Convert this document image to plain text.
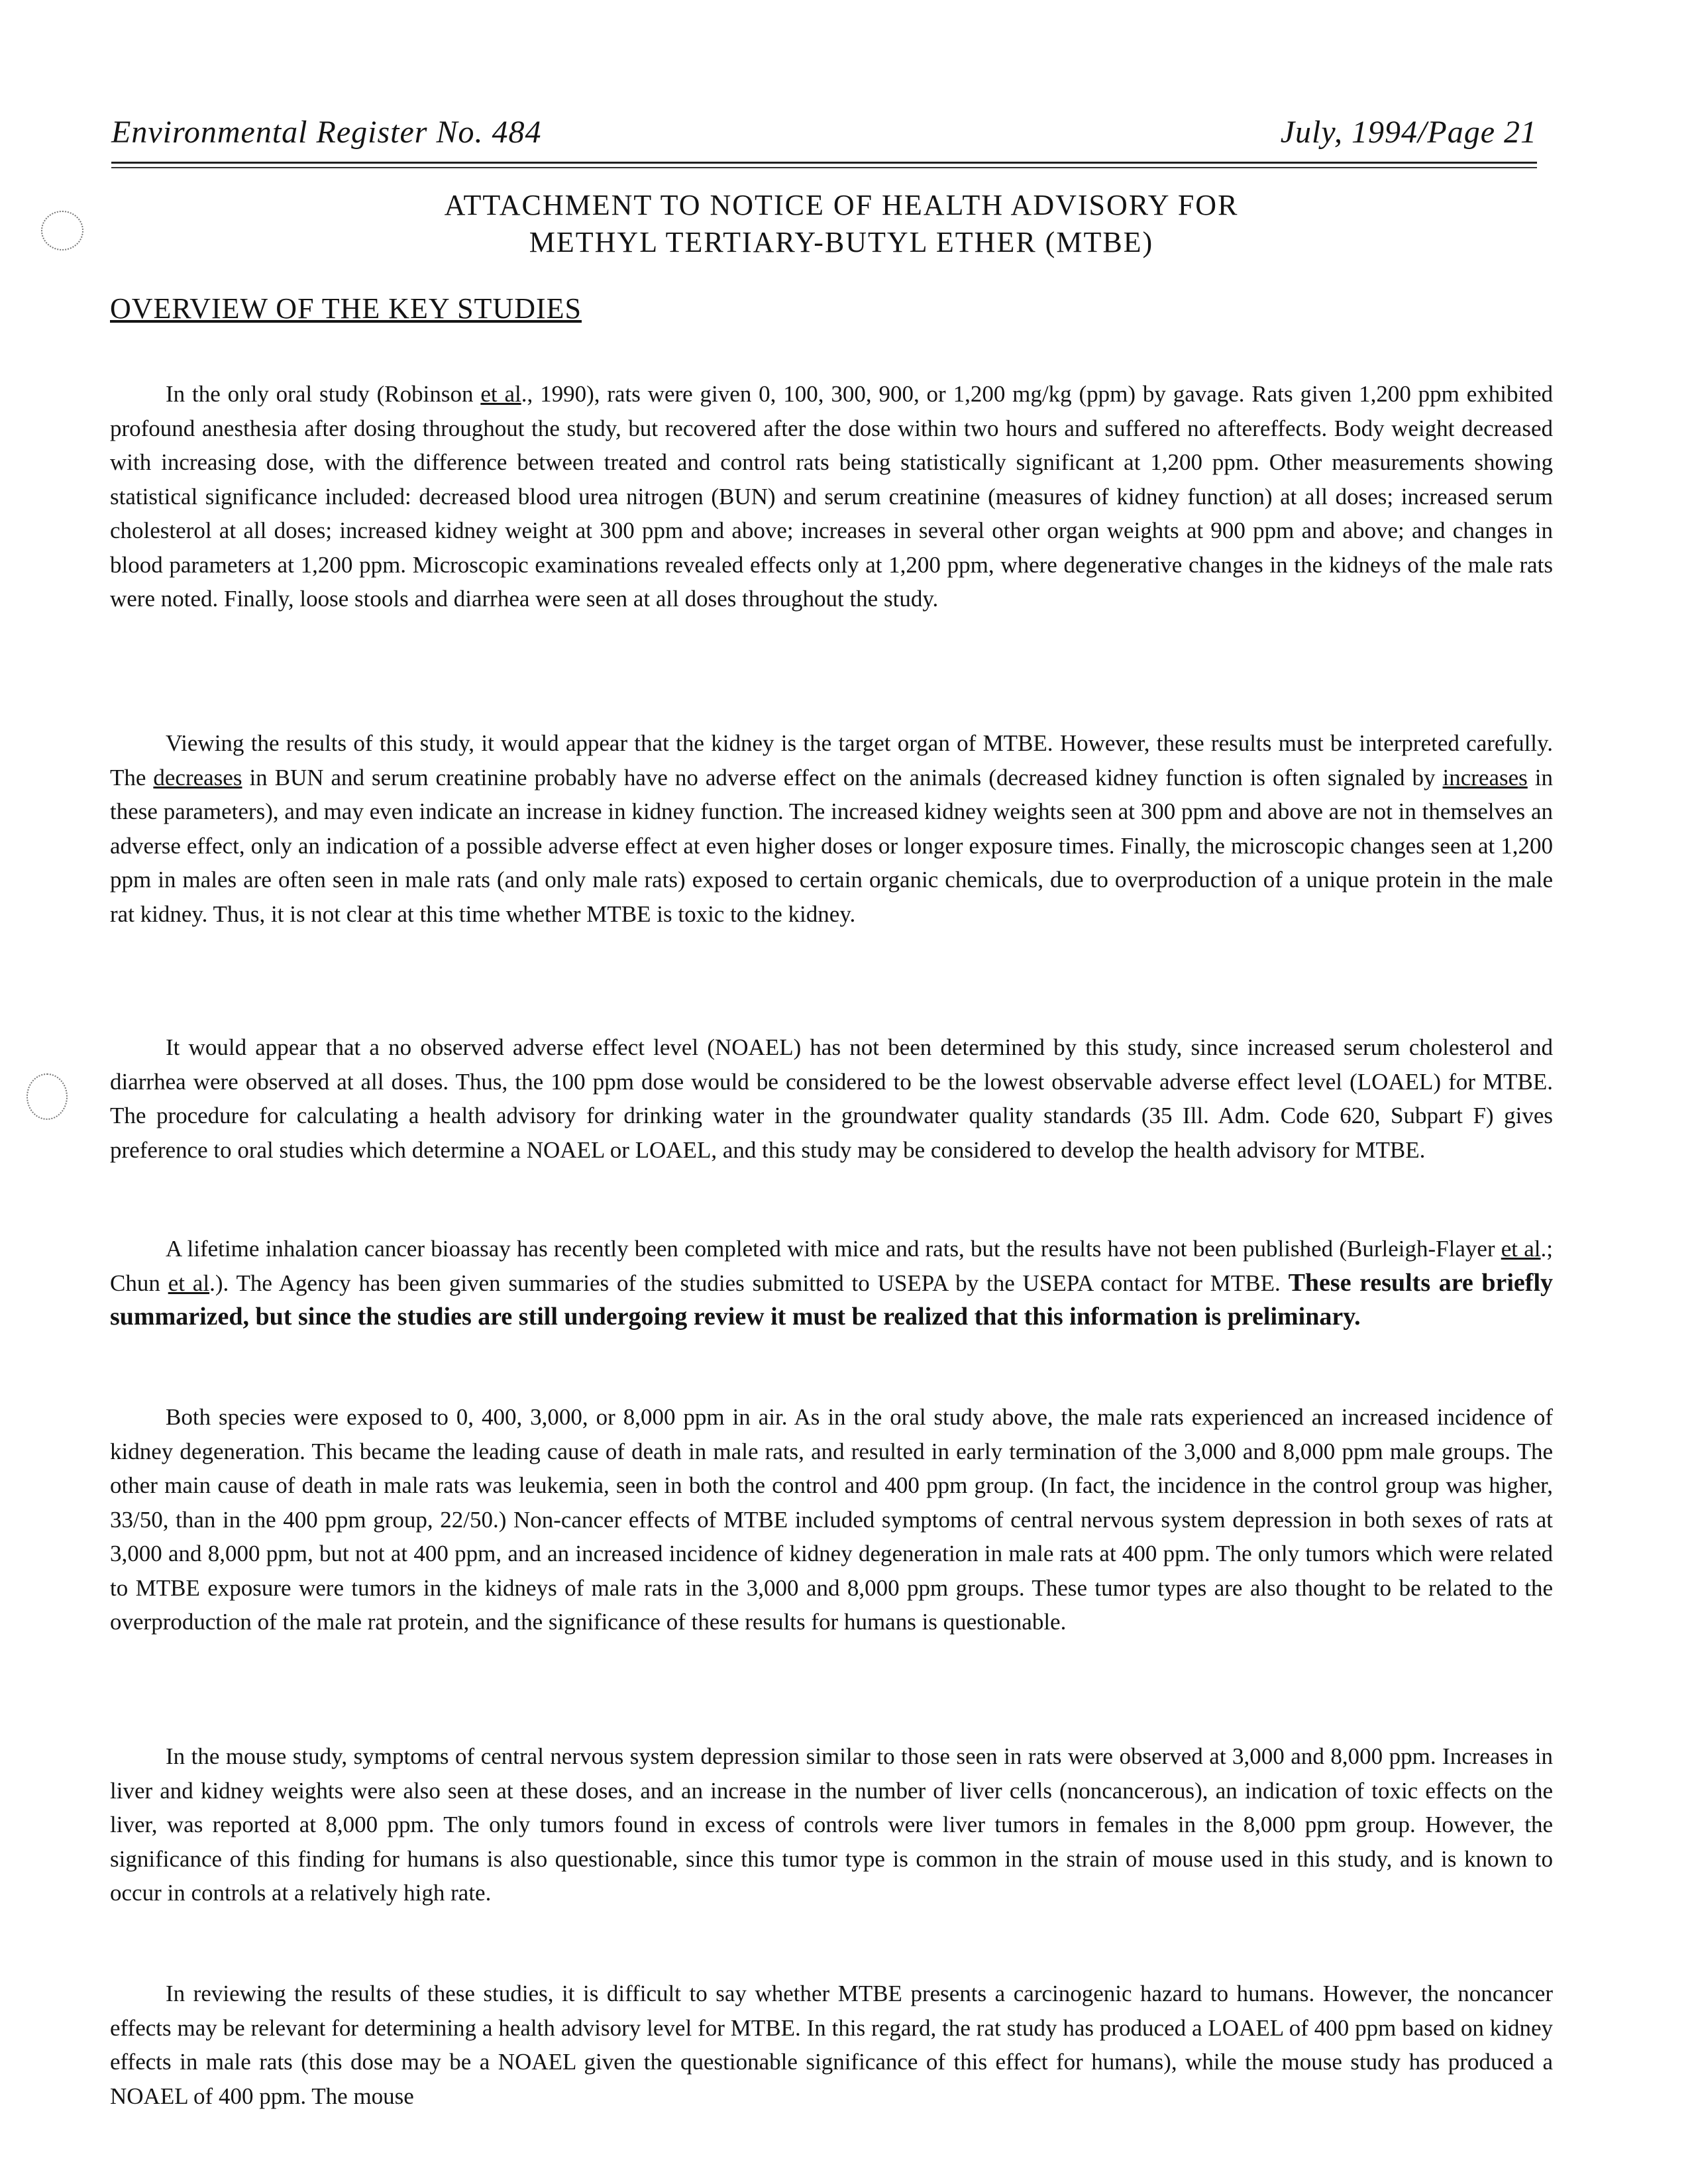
Environmental Register No. 484	July, 1994/Page 21
ATTACHMENT TO NOTICE OF HEALTH ADVISORY FOR
METHYL TERTIARY-BUTYL ETHER (MTBE)
OVERVIEW OF THE KEY STUDIES

In the only oral study (Robinson et al., 1990), rats were given 0, 100, 300, 900, or 1,200 mg/kg (ppm) by gavage. Rats given 1,200 ppm exhibited profound anesthesia after dosing throughout the study, but recovered after the dose within two hours and suffered no aftereffects. Body weight decreased with increasing dose, with the difference between treated and control rats being statistically significant at 1,200 ppm. Other measurements showing statistical significance included: decreased blood urea nitrogen (BUN) and serum creatinine (measures of kidney function) at all doses; increased serum cholesterol at all doses; increased kidney weight at 300 ppm and above; increases in several other organ weights at 900 ppm and above; and changes in blood parameters at 1,200 ppm. Microscopic examinations revealed effects only at 1,200 ppm, where degenerative changes in the kidneys of the male rats were noted. Finally, loose stools and diarrhea were seen at all doses throughout the study.

Viewing the results of this study, it would appear that the kidney is the target organ of MTBE. However, these results must be interpreted carefully. The decreases in BUN and serum creatinine probably have no adverse effect on the animals (decreased kidney function is often signaled by increases in these parameters), and may even indicate an increase in kidney function. The increased kidney weights seen at 300 ppm and above are not in themselves an adverse effect, only an indication of a possible adverse effect at even higher doses or longer exposure times. Finally, the microscopic changes seen at 1,200 ppm in males are often seen in male rats (and only male rats) exposed to certain organic chemicals, due to overproduction of a unique protein in the male rat kidney. Thus, it is not clear at this time whether MTBE is toxic to the kidney.

It would appear that a no observed adverse effect level (NOAEL) has not been determined by this study, since increased serum cholesterol and diarrhea were observed at all doses. Thus, the 100 ppm dose would be considered to be the lowest observable adverse effect level (LOAEL) for MTBE. The procedure for calculating a health advisory for drinking water in the groundwater quality standards (35 Ill. Adm. Code 620, Subpart F) gives preference to oral studies which determine a NOAEL or LOAEL, and this study may be considered to develop the health advisory for MTBE.

A lifetime inhalation cancer bioassay has recently been completed with mice and rats, but the results have not been published (Burleigh-Flayer et al.; Chun et al.). The Agency has been given summaries of the studies submitted to USEPA by the USEPA contact for MTBE. These results are briefly summarized, but since the studies are still undergoing review it must be realized that this information is preliminary.

Both species were exposed to 0, 400, 3,000, or 8,000 ppm in air. As in the oral study above, the male rats experienced an increased incidence of kidney degeneration. This became the leading cause of death in male rats, and resulted in early termination of the 3,000 and 8,000 ppm male groups. The other main cause of death in male rats was leukemia, seen in both the control and 400 ppm group. (In fact, the incidence in the control group was higher, 33/50, than in the 400 ppm group, 22/50.) Non-cancer effects of MTBE included symptoms of central nervous system depression in both sexes of rats at 3,000 and 8,000 ppm, but not at 400 ppm, and an increased incidence of kidney degeneration in male rats at 400 ppm. The only tumors which were related to MTBE exposure were tumors in the kidneys of male rats in the 3,000 and 8,000 ppm groups. These tumor types are also thought to be related to the overproduction of the male rat protein, and the significance of these results for humans is questionable.

In the mouse study, symptoms of central nervous system depression similar to those seen in rats were observed at 3,000 and 8,000 ppm. Increases in liver and kidney weights were also seen at these doses, and an increase in the number of liver cells (noncancerous), an indication of toxic effects on the liver, was reported at 8,000 ppm. The only tumors found in excess of controls were liver tumors in females in the 8,000 ppm group. However, the significance of this finding for humans is also questionable, since this tumor type is common in the strain of mouse used in this study, and is known to occur in controls at a relatively high rate.

In reviewing the results of these studies, it is difficult to say whether MTBE presents a carcinogenic hazard to humans. However, the noncancer effects may be relevant for determining a health advisory level for MTBE. In this regard, the rat study has produced a LOAEL of 400 ppm based on kidney effects in male rats (this dose may be a NOAEL given the questionable significance of this effect for humans), while the mouse study has produced a NOAEL of 400 ppm. The mouse
